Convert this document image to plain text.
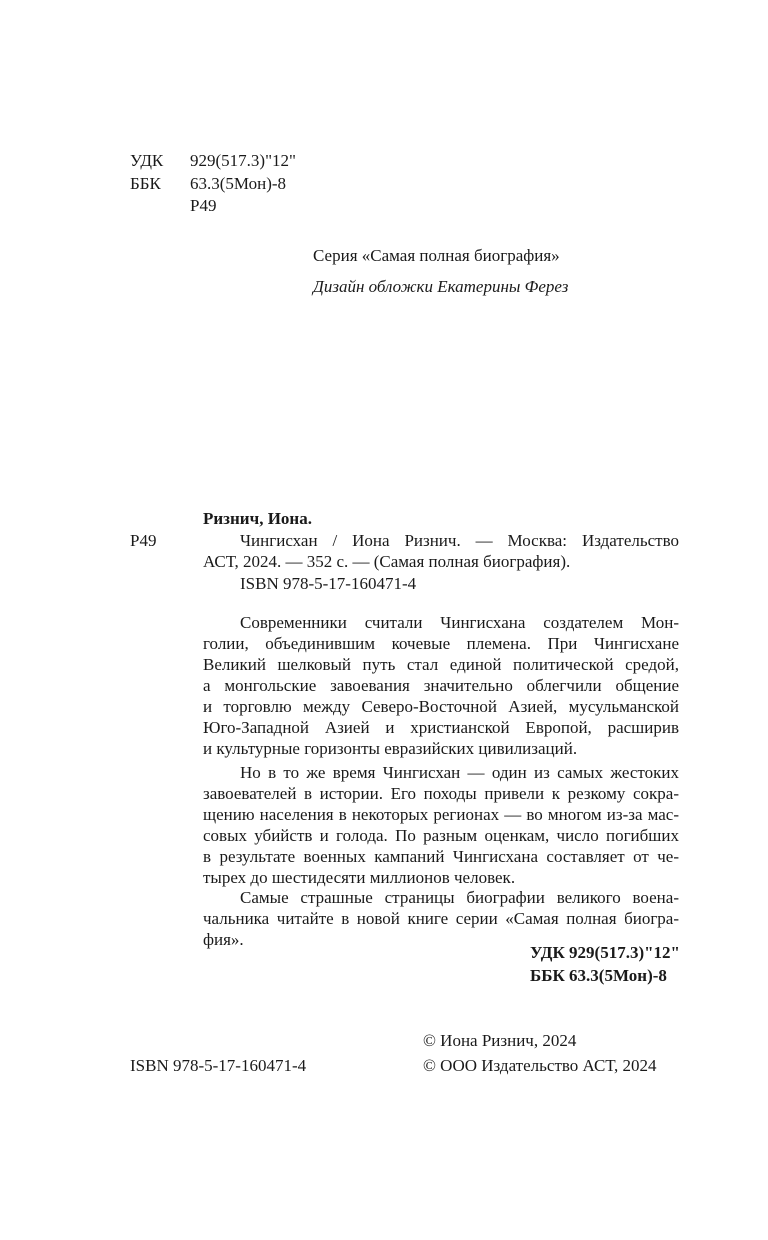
УДК 929(517.3)"12"
ББК 63.3(5Мон)-8
Р49
Серия «Самая полная биография»
Дизайн обложки Екатерины Ферез
Ризнич, Иона.
Р49	Чингисхан / Иона Ризнич. — Москва: Издательство
АСТ, 2024. — 352 с. — (Самая полная биография).
ISBN 978-5-17-160471-4
Современники считали Чингисхана создателем Мон-
голии, объединившим кочевые племена. При Чингисхане
Великий шелковый путь стал единой политической средой,
а монгольские завоевания значительно облегчили общение
и торговлю между Северо-Восточной Азией, мусульманской
Юго-Западной Азией и христианской Европой, расширив
и культурные горизонты евразийских цивилизаций.
Но в то же время Чингисхан — один из самых жестоких
завоевателей в истории. Его походы привели к резкому сокра-
щению населения в некоторых регионах — во многом из-за мас-
совых убийств и голода. По разным оценкам, число погибших
в результате военных кампаний Чингисхана составляет от че-
тырех до шестидесяти миллионов человек.
Самые страшные страницы биографии великого воена-
чальника читайте в новой книге серии «Самая полная биогра-
фия».
УДК 929(517.3)"12"
ББК 63.3(5Мон)-8
© Иона Ризнич, 2024
ISBN 978-5-17-160471-4	© ООО Издательство АСТ, 2024
